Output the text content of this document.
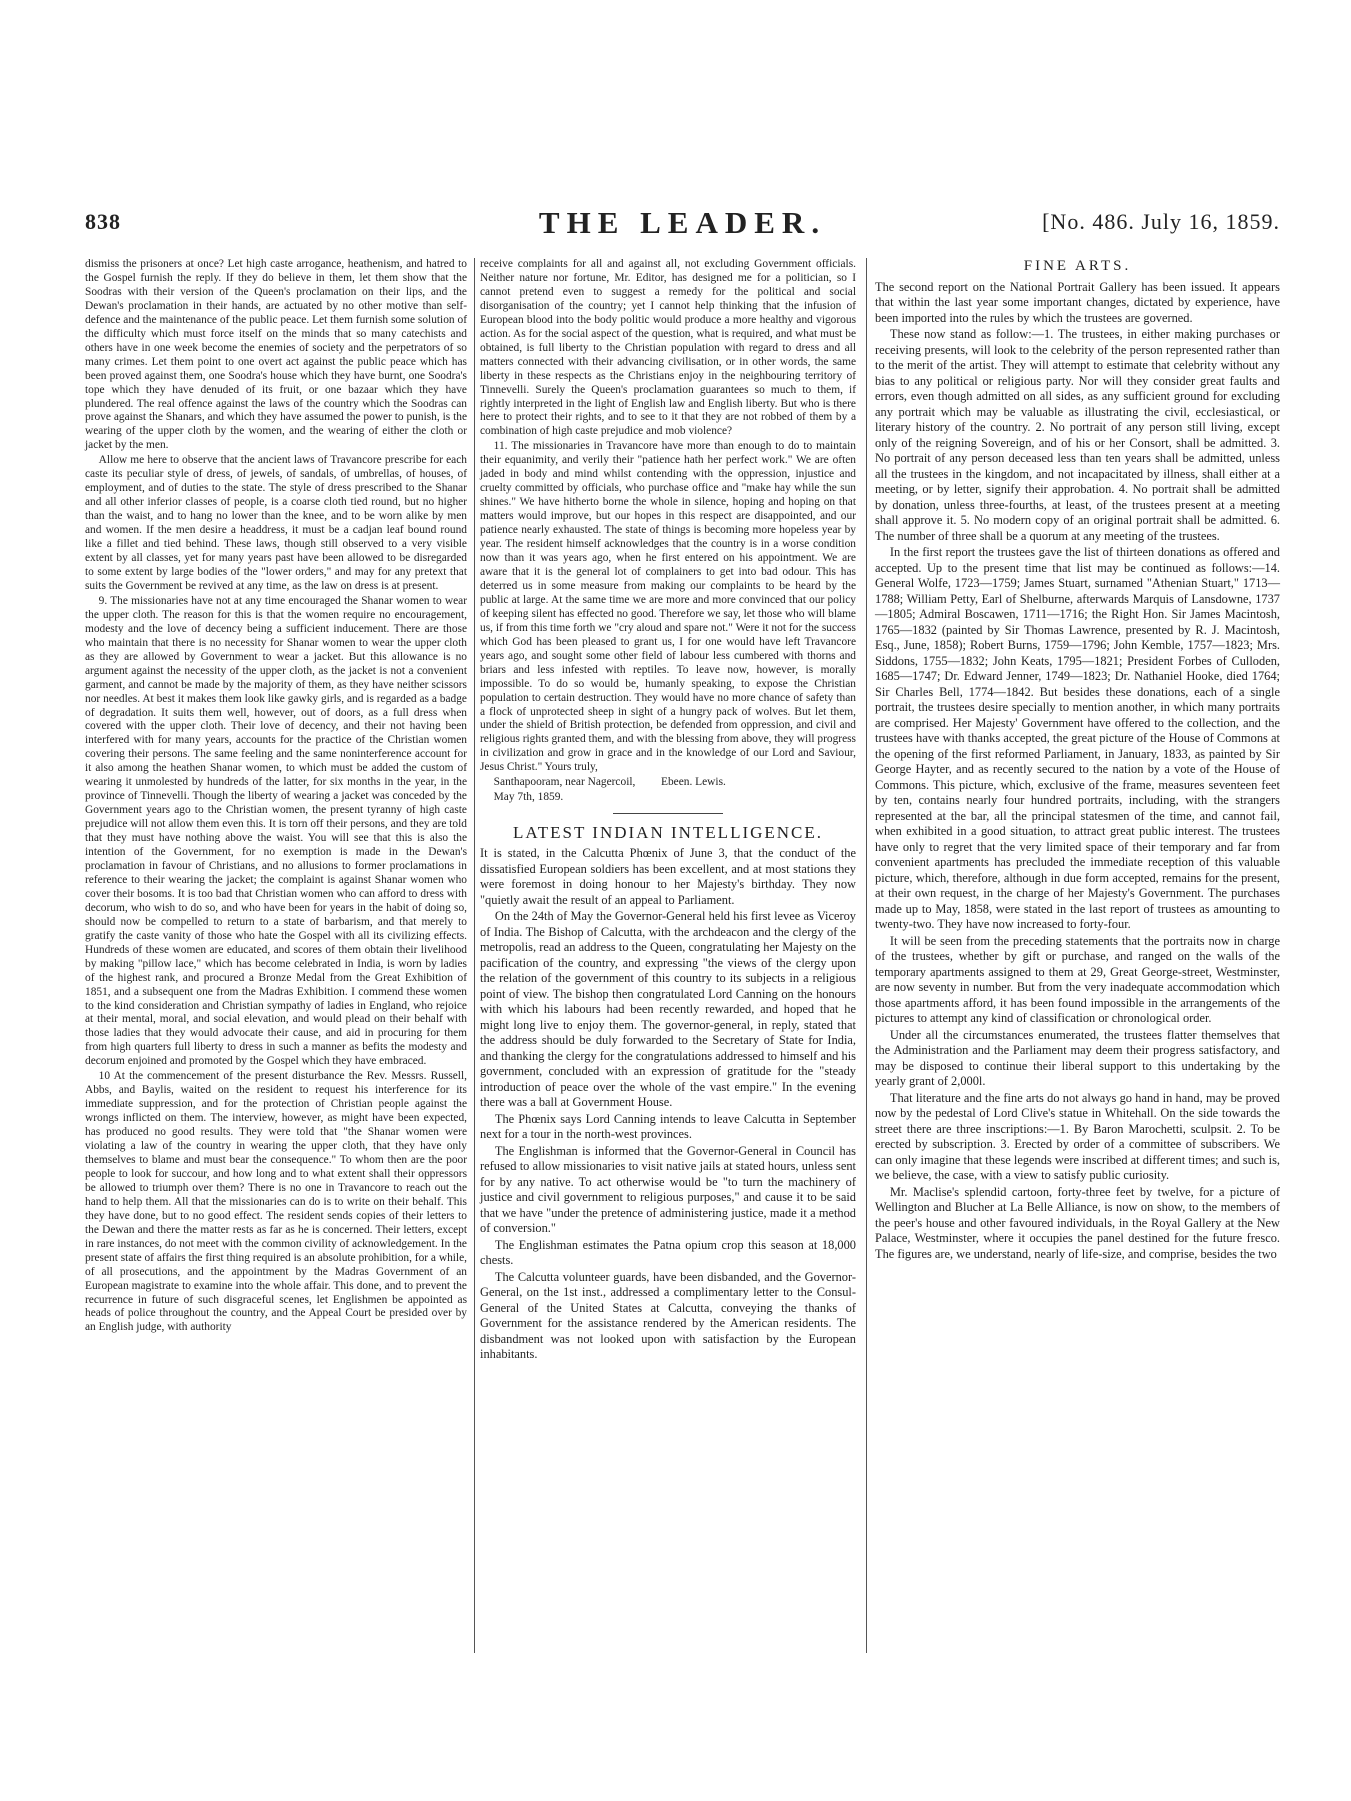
838	THE LEADER.	[No. 486. July 16, 1859.

dismiss the prisoners at once? Let high caste arrogance, heathenism, and hatred to the Gospel furnish the reply. If they do believe in them, let them show that the Soodras with their version of the Queen's proclamation on their lips, and the Dewan's proclamation in their hands, are actuated by no other motive than self-defence and the maintenance of the public peace. Let them furnish some solution of the difficulty which must force itself on the minds that so many catechists and others have in one week become the enemies of society and the perpetrators of so many crimes. Let them point to one overt act against the public peace which has been proved against them, one Soodra's house which they have burnt, one Soodra's tope which they have denuded of its fruit, or one bazaar which they have plundered. The real offence against the laws of the country which the Soodras can prove against the Shanars, and which they have assumed the power to punish, is the wearing of the upper cloth by the women, and the wearing of either the cloth or jacket by the men.

Allow me here to observe that the ancient laws of Travancore prescribe for each caste its peculiar style of dress, of jewels, of sandals, of umbrellas, of houses, of employment, and of duties to the state. The style of dress prescribed to the Shanar and all other inferior classes of people, is a coarse cloth tied round, but no higher than the waist, and to hang no lower than the knee, and to be worn alike by men and women. If the men desire a headdress, it must be a cadjan leaf bound round like a fillet and tied behind. These laws, though still observed to a very visible extent by all classes, yet for many years past have been allowed to be disregarded to some extent by large bodies of the "lower orders," and may for any pretext that suits the Government be revived at any time, as the law on dress is at present.

9. The missionaries have not at any time encouraged the Shanar women to wear the upper cloth. The reason for this is that the women require no encouragement, modesty and the love of decency being a sufficient inducement. There are those who maintain that there is no necessity for Shanar women to wear the upper cloth as they are allowed by Government to wear a jacket. But this allowance is no argument against the necessity of the upper cloth, as the jacket is not a convenient garment, and cannot be made by the majority of them, as they have neither scissors nor needles. At best it makes them look like gawky girls, and is regarded as a badge of degradation. It suits them well, however, out of doors, as a full dress when covered with the upper cloth. Their love of decency, and their not having been interfered with for many years, accounts for the practice of the Christian women covering their persons. The same feeling and the same noninterference account for it also among the heathen Shanar women, to which must be added the custom of wearing it unmolested by hundreds of the latter, for six months in the year, in the province of Tinnevelli. Though the liberty of wearing a jacket was conceded by the Government years ago to the Christian women, the present tyranny of high caste prejudice will not allow them even this. It is torn off their persons, and they are told that they must have nothing above the waist. You will see that this is also the intention of the Government, for no exemption is made in the Dewan's proclamation in favour of Christians, and no allusions to former proclamations in reference to their wearing the jacket; the complaint is against Shanar women who cover their bosoms. It is too bad that Christian women who can afford to dress with decorum, who wish to do so, and who have been for years in the habit of doing so, should now be compelled to return to a state of barbarism, and that merely to gratify the caste vanity of those who hate the Gospel with all its civilizing effects. Hundreds of these women are educated, and scores of them obtain their livelihood by making "pillow lace," which has become celebrated in India, is worn by ladies of the highest rank, and procured a Bronze Medal from the Great Exhibition of 1851, and a subsequent one from the Madras Exhibition. I commend these women to the kind consideration and Christian sympathy of ladies in England, who rejoice at their mental, moral, and social elevation, and would plead on their behalf with those ladies that they would advocate their cause, and aid in procuring for them from high quarters full liberty to dress in such a manner as befits the modesty and decorum enjoined and promoted by the Gospel which they have embraced.

10 At the commencement of the present disturbance the Rev. Messrs. Russell, Abbs, and Baylis, waited on the resident to request his interference for its immediate suppression, and for the protection of Christian people against the wrongs inflicted on them. The interview, however, as might have been expected, has produced no good results. They were told that "the Shanar women were violating a law of the country in wearing the upper cloth, that they have only themselves to blame and must bear the consequence." To whom then are the poor people to look for succour, and how long and to what extent shall their oppressors be allowed to triumph over them? There is no one in Travancore to reach out the hand to help them. All that the missionaries can do is to write on their behalf. This they have done, but to no good effect. The resident sends copies of their letters to the Dewan and there the matter rests as far as he is concerned. Their letters, except in rare instances, do not meet with the common civility of acknowledgement. In the present state of affairs the first thing required is an absolute prohibition, for a while, of all prosecutions, and the appointment by the Madras Government of an European magistrate to examine into the whole affair. This done, and to prevent the recurrence in future of such disgraceful scenes, let Englishmen be appointed as heads of police throughout the country, and the Appeal Court be presided over by an English judge, with authority

receive complaints for all and against all, not excluding Government officials. Neither nature nor fortune, Mr. Editor, has designed me for a politician, so I cannot pretend even to suggest a remedy for the political and social disorganisation of the country; yet I cannot help thinking that the infusion of European blood into the body politic would produce a more healthy and vigorous action. As for the social aspect of the question, what is required, and what must be obtained, is full liberty to the Christian population with regard to dress and all matters connected with their advancing civilisation, or in other words, the same liberty in these respects as the Christians enjoy in the neighbouring territory of Tinnevelli. Surely the Queen's proclamation guarantees so much to them, if rightly interpreted in the light of English law and English liberty. But who is there here to protect their rights, and to see to it that they are not robbed of them by a combination of high caste prejudice and mob violence?

11. The missionaries in Travancore have more than enough to do to maintain their equanimity, and verily their "patience hath her perfect work." We are often jaded in body and mind whilst contending with the oppression, injustice and cruelty committed by officials, who purchase office and "make hay while the sun shines." We have hitherto borne the whole in silence, hoping and hoping on that matters would improve, but our hopes in this respect are disappointed, and our patience nearly exhausted. The state of things is becoming more hopeless year by year. The resident himself acknowledges that the country is in a worse condition now than it was years ago, when he first entered on his appointment. We are aware that it is the general lot of complainers to get into bad odour. This has deterred us in some measure from making our complaints to be heard by the public at large. At the same time we are more and more convinced that our policy of keeping silent has effected no good. Therefore we say, let those who will blame us, if from this time forth we "cry aloud and spare not." Were it not for the success which God has been pleased to grant us, I for one would have left Travancore years ago, and sought some other field of labour less cumbered with thorns and briars and less infested with reptiles. To leave now, however, is morally impossible. To do so would be, humanly speaking, to expose the Christian population to certain destruction. They would have no more chance of safety than a flock of unprotected sheep in sight of a hungry pack of wolves. But let them, under the shield of British protection, be defended from oppression, and civil and religious rights granted them, and with the blessing from above, they will progress in civilization and grow in grace and in the knowledge of our Lord and Saviour, Jesus Christ." Yours truly,

Santhapooram, near Nagercoil, Ebeen. Lewis.

May 7th, 1859.

LATEST INDIAN INTELLIGENCE.

It is stated, in the Calcutta Phœnix of June 3, that the conduct of the dissatisfied European soldiers has been excellent, and at most stations they were foremost in doing honour to her Majesty's birthday. They now "quietly await the result of an appeal to Parliament.

On the 24th of May the Governor-General held his first levee as Viceroy of India. The Bishop of Calcutta, with the archdeacon and the clergy of the metropolis, read an address to the Queen, congratulating her Majesty on the pacification of the country, and expressing "the views of the clergy upon the relation of the government of this country to its subjects in a religious point of view. The bishop then congratulated Lord Canning on the honours with which his labours had been recently rewarded, and hoped that he might long live to enjoy them. The governor-general, in reply, stated that the address should be duly forwarded to the Secretary of State for India, and thanking the clergy for the congratulations addressed to himself and his government, concluded with an expression of gratitude for the "steady introduction of peace over the whole of the vast empire." In the evening there was a ball at Government House.

The Phœnix says Lord Canning intends to leave Calcutta in September next for a tour in the north-west provinces.

The Englishman is informed that the Governor-General in Council has refused to allow missionaries to visit native jails at stated hours, unless sent for by any native. To act otherwise would be "to turn the machinery of justice and civil government to religious purposes," and cause it to be said that we have "under the pretence of administering justice, made it a method of conversion."

The Englishman estimates the Patna opium crop this season at 18,000 chests.

The Calcutta volunteer guards, have been disbanded, and the Governor-General, on the 1st inst., addressed a complimentary letter to the Consul-General of the United States at Calcutta, conveying the thanks of Government for the assistance rendered by the American residents. The disbandment was not looked upon with satisfaction by the European inhabitants.

FINE ARTS.

The second report on the National Portrait Gallery has been issued. It appears that within the last year some important changes, dictated by experience, have been imported into the rules by which the trustees are governed.

These now stand as follow:—1. The trustees, in either making purchases or receiving presents, will look to the celebrity of the person represented rather than to the merit of the artist. They will attempt to estimate that celebrity without any bias to any political or religious party. Nor will they consider great faults and errors, even though admitted on all sides, as any sufficient ground for excluding any portrait which may be valuable as illustrating the civil, ecclesiastical, or literary history of the country. 2. No portrait of any person still living, except only of the reigning Sovereign, and of his or her Consort, shall be admitted. 3. No portrait of any person deceased less than ten years shall be admitted, unless all the trustees in the kingdom, and not incapacitated by illness, shall either at a meeting, or by letter, signify their approbation. 4. No portrait shall be admitted by donation, unless three-fourths, at least, of the trustees present at a meeting shall approve it. 5. No modern copy of an original portrait shall be admitted. 6. The number of three shall be a quorum at any meeting of the trustees.

In the first report the trustees gave the list of thirteen donations as offered and accepted. Up to the present time that list may be continued as follows:—14. General Wolfe, 1723—1759; James Stuart, surnamed "Athenian Stuart," 1713—1788; William Petty, Earl of Shelburne, afterwards Marquis of Lansdowne, 1737—1805; Admiral Boscawen, 1711—1716; the Right Hon. Sir James Macintosh, 1765—1832 (painted by Sir Thomas Lawrence, presented by R. J. Macintosh, Esq., June, 1858); Robert Burns, 1759—1796; John Kemble, 1757—1823; Mrs. Siddons, 1755—1832; John Keats, 1795—1821; President Forbes of Culloden, 1685—1747; Dr. Edward Jenner, 1749—1823; Dr. Nathaniel Hooke, died 1764; Sir Charles Bell, 1774—1842. But besides these donations, each of a single portrait, the trustees desire specially to mention another, in which many portraits are comprised. Her Majesty' Government have offered to the collection, and the trustees have with thanks accepted, the great picture of the House of Commons at the opening of the first reformed Parliament, in January, 1833, as painted by Sir George Hayter, and as recently secured to the nation by a vote of the House of Commons. This picture, which, exclusive of the frame, measures seventeen feet by ten, contains nearly four hundred portraits, including, with the strangers represented at the bar, all the principal statesmen of the time, and cannot fail, when exhibited in a good situation, to attract great public interest. The trustees have only to regret that the very limited space of their temporary and far from convenient apartments has precluded the immediate reception of this valuable picture, which, therefore, although in due form accepted, remains for the present, at their own request, in the charge of her Majesty's Government. The purchases made up to May, 1858, were stated in the last report of trustees as amounting to twenty-two. They have now increased to forty-four.

It will be seen from the preceding statements that the portraits now in charge of the trustees, whether by gift or purchase, and ranged on the walls of the temporary apartments assigned to them at 29, Great George-street, Westminster, are now seventy in number. But from the very inadequate accommodation which those apartments afford, it has been found impossible in the arrangements of the pictures to attempt any kind of classification or chronological order.

Under all the circumstances enumerated, the trustees flatter themselves that the Administration and the Parliament may deem their progress satisfactory, and may be disposed to continue their liberal support to this undertaking by the yearly grant of 2,000l.

That literature and the fine arts do not always go hand in hand, may be proved now by the pedestal of Lord Clive's statue in Whitehall. On the side towards the street there are three inscriptions:—1. By Baron Marochetti, sculpsit. 2. To be erected by subscription. 3. Erected by order of a committee of subscribers. We can only imagine that these legends were inscribed at different times; and such is, we believe, the case, with a view to satisfy public curiosity.

Mr. Maclise's splendid cartoon, forty-three feet by twelve, for a picture of Wellington and Blucher at La Belle Alliance, is now on show, to the members of the peer's house and other favoured individuals, in the Royal Gallery at the New Palace, Westminster, where it occupies the panel destined for the future fresco. The figures are, we understand, nearly of life-size, and comprise, besides the two
